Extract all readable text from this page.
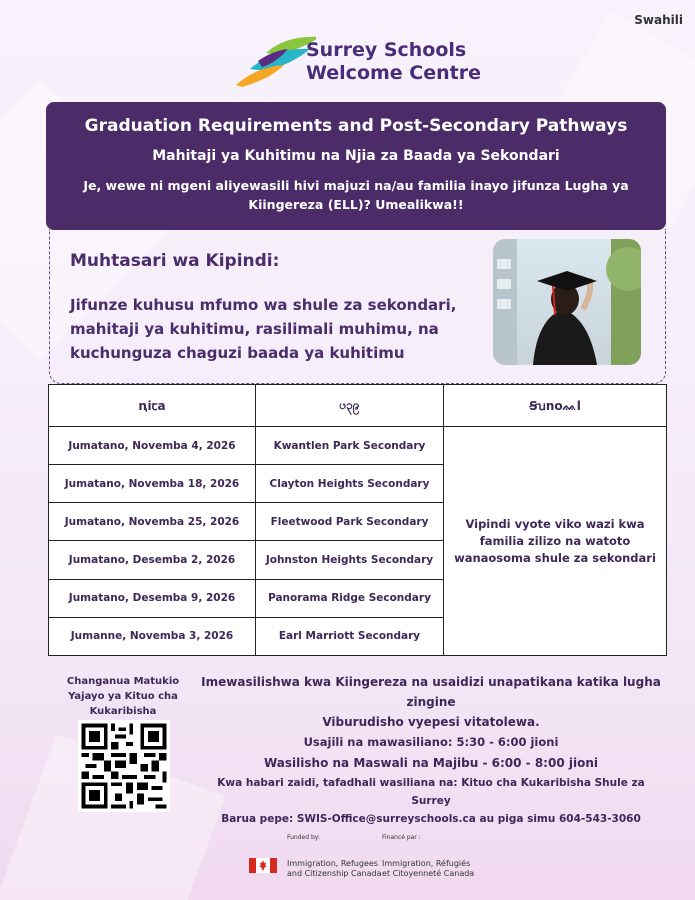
Swahili
Surrey Schools
Welcome Centre
Graduation Requirements and Post-Secondary Pathways
Mahitaji ya Kuhitimu na Njia za Baada ya Sekondari
Je, wewe ni mgeni aliyewasili hivi majuzi na/au familia inayo jifunza Lugha ya Kiingereza (ELL)? Umealikwa!!
Muhtasari wa Kipindi:
Jifunze kuhusu mfumo wa shule za sekondari, mahitaji ya kuhitimu, rasilimali muhimu, na kuchunguza chaguzi baada ya kuhitimu
ꞑiꞇa	ၒ၃၉	Ꞩꭒnoᨐl
Jumatano, Novemba 4, 2026	Kwantlen Park Secondary	Vipindi vyote viko wazi kwa familia zilizo na watoto wanaosoma shule za sekondari
Jumatano, Novemba 18, 2026	Clayton Heights Secondary	
Jumatano, Novemba 25, 2026	Fleetwood Park Secondary	
Jumatano, Desemba 2, 2026	Johnston Heights Secondary	
Jumatano, Desemba 9, 2026	Panorama Ridge Secondary	
Jumanne, Novemba 3, 2026	Earl Marriott Secondary	
Changanua Matukio Yajayo ya Kituo cha Kukaribisha
Imewasilishwa kwa Kiingereza na usaidizi unapatikana katika lugha zingine
Viburudisho vyepesi vitatolewa.
Usajili na mawasiliano: 5:30 - 6:00 jioni
Wasilisho na Maswali na Majibu - 6:00 - 8:00 jioni
Kwa habari zaidi, tafadhali wasiliana na: Kituo cha Kukaribisha Shule za Surrey
Barua pepe: SWIS-Office@surreyschools.ca au piga simu 604-543-3060
Funded by:
Immigration, Refugees
and Citizenship Canada
Financé par :
Immigration, Réfugiés
et Citoyenneté Canada
